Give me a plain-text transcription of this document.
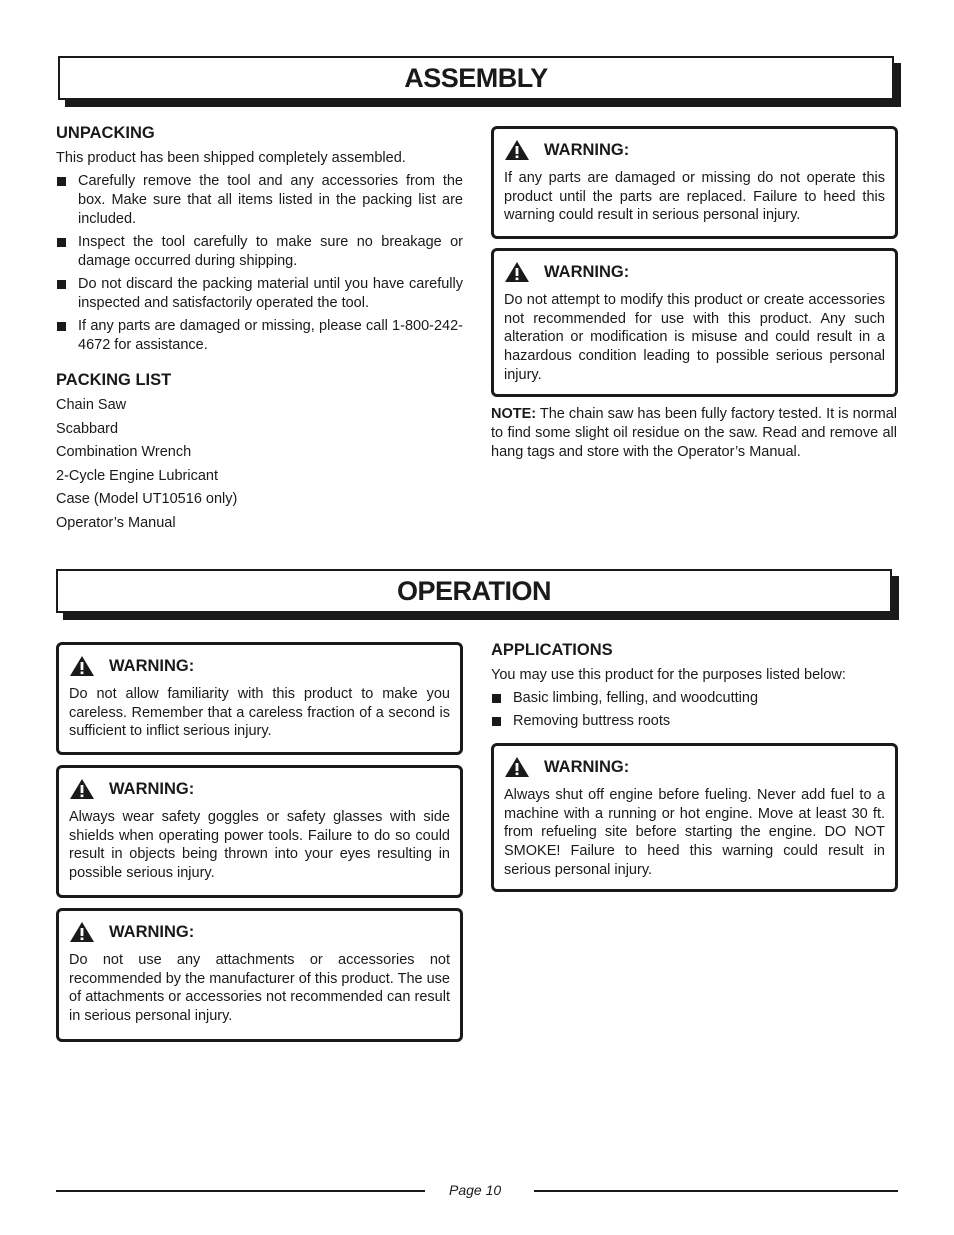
ASSEMBLY
UNPACKING
This product has been shipped completely assembled.
Carefully remove the tool and any accessories from the box. Make sure that all items listed in the packing list are included.
Inspect the tool carefully to make sure no breakage or damage occurred during shipping.
Do not discard the packing material until you have carefully inspected and satisfactorily operated the tool.
If any parts are damaged or missing, please call 1-800-242-4672 for assistance.
PACKING LIST
Chain Saw
Scabbard
Combination Wrench
2-Cycle Engine Lubricant
Case (Model UT10516 only)
Operator’s Manual
WARNING:
If any parts are damaged or missing do not operate this product until the parts are replaced. Failure to heed this warning could result in serious personal injury.
WARNING:
Do not attempt to modify this product or create accessories not recommended for use with this product. Any such alteration or modification is misuse and could result in a hazardous condition leading to possible serious personal injury.
NOTE: The chain saw has been fully factory tested. It is normal to find some slight oil residue on the saw. Read and remove all hang tags and store with the Operator’s Manual.
OPERATION
WARNING:
Do not allow familiarity with this product to make you careless. Remember that a careless fraction of a second is sufficient to inflict serious injury.
WARNING:
Always wear safety goggles or safety glasses with side shields when operating power tools. Failure to do so could result in objects being thrown into your eyes resulting in possible serious injury.
WARNING:
Do not use any attachments or accessories not recommended by the manufacturer of this product. The use of attachments or accessories not recommended can result in serious personal injury.
APPLICATIONS
You may use this product for the purposes listed below:
Basic limbing, felling, and woodcutting
Removing buttress roots
WARNING:
Always shut off engine before fueling. Never add fuel to a machine with a running or hot engine. Move at least 30 ft. from refueling site before starting the engine. DO NOT SMOKE! Failure to heed this warning could result in serious personal injury.
Page 10
